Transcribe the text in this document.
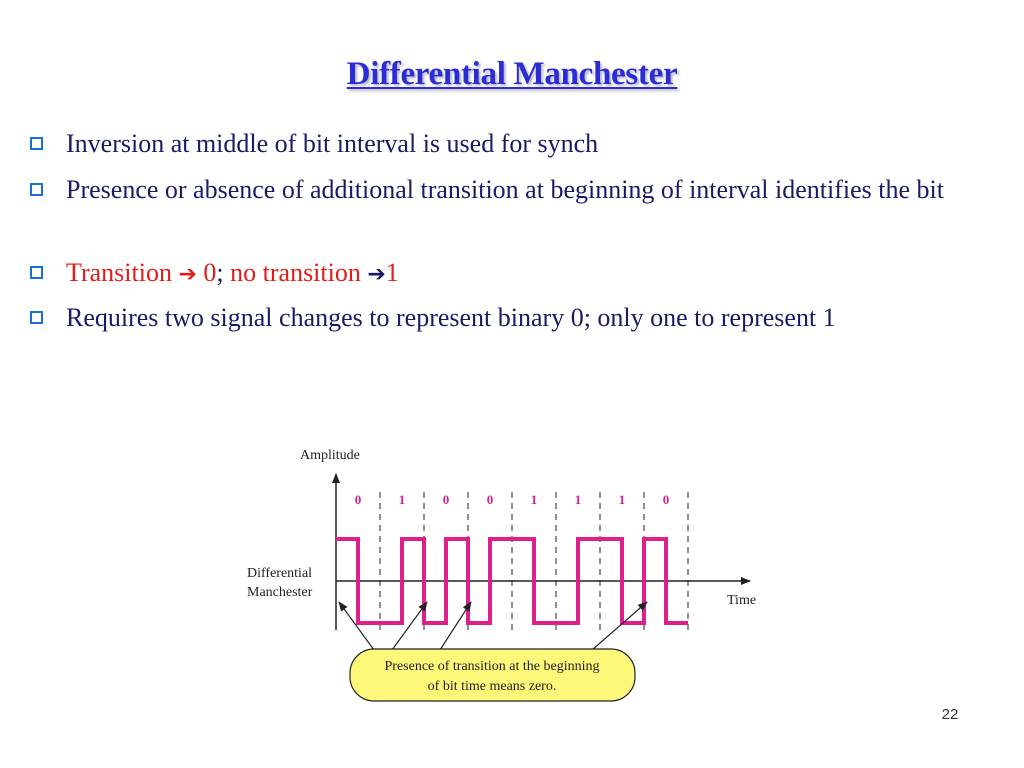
Differential Manchester
Inversion at middle of bit interval is used for synch
Presence or absence of additional transition at beginning of interval identifies the bit
Transition ➔ 0; no transition ➔1
Requires two signal changes to represent binary 0; only one to represent 1
Amplitude
Differential
Manchester
Time
0	1	0	0	1	1	1	0
Presence of transition at the beginning
of bit time means zero.
22
